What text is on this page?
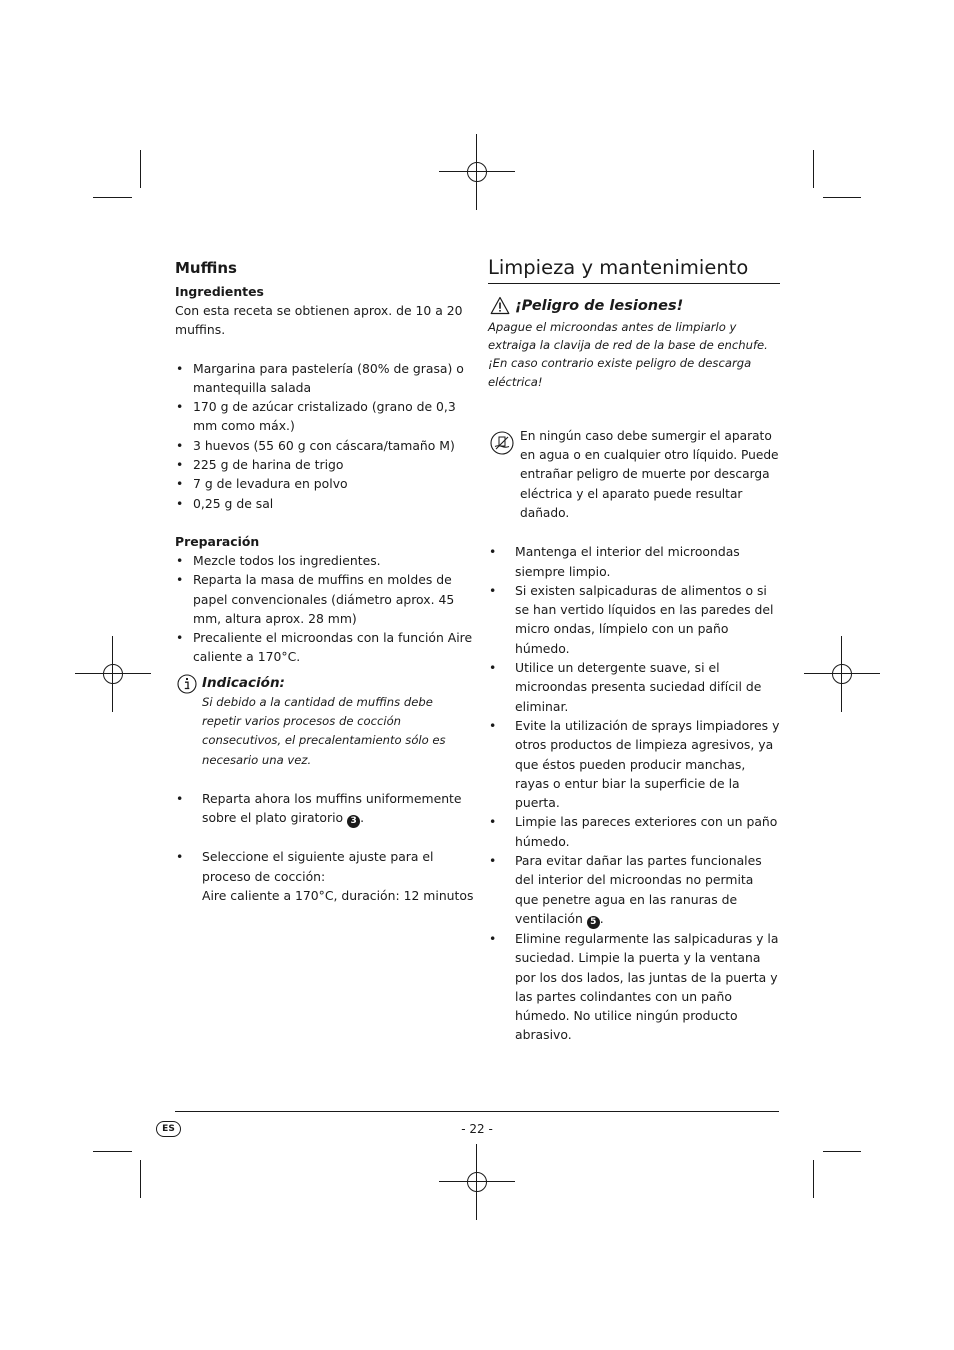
Muffins
Ingredientes

Con esta receta se obtienen aprox. de 10 a 20 muffins.

• Margarina para pastelería (80% de grasa) o mantequilla salada
• 170 g de azúcar cristalizado (grano de 0,3 mm como máx.)
• 3 huevos (55 60 g con cáscara/tamaño M)
• 225 g de harina de trigo
• 7 g de levadura en polvo
• 0,25 g de sal
Preparación
• Mezcle todos los ingredientes.
• Reparta la masa de muffins en moldes de papel convencionales (diámetro aprox. 45 mm, altura aprox. 28 mm)
• Precaliente el microondas con la función Aire caliente a 170°C.
Indicación:

Si debido a la cantidad de muffins debe repetir varios procesos de cocción consecutivos, el precalentamiento sólo es necesario una vez.

• Reparta ahora los muffins uniformemente sobre el plato giratorio 3 .
• Seleccione el siguiente ajuste para el proceso de cocción:
Aire caliente a 170°C, duración: 12 minutos
Limpieza y mantenimiento
¡Peligro de lesiones!

Apague el microondas antes de limpiarlo y extraiga la clavija de red de la base de enchufe. ¡En caso contrario existe peligro de descarga eléctrica!

En ningún caso debe sumergir el aparato en agua o en cualquier otro líquido. Puede entrañar peligro de muerte por descarga eléctrica y el aparato puede resultar dañado.

• Mantenga el interior del microondas siempre limpio.
• Si existen salpicaduras de alimentos o si se han vertido líquidos en las paredes del micro ondas, límpielo con un paño húmedo.
• Utilice un detergente suave, si el microondas presenta suciedad difícil de eliminar.
• Evite la utilización de sprays limpiadores y otros productos de limpieza agresivos, ya que éstos pueden producir manchas, rayas o entur biar la superficie de la puerta.
• Limpie las pareces exteriores con un paño húmedo.
• Para evitar dañar las partes funcionales del interior del microondas no permita que penetre agua en las ranuras de ventilación 5 .
• Elimine regularmente las salpicaduras y la suciedad. Limpie la puerta y la ventana por los dos lados, las juntas de la puerta y las partes colindantes con un paño húmedo. No utilice ningún producto abrasivo.
ES	- 22 -
